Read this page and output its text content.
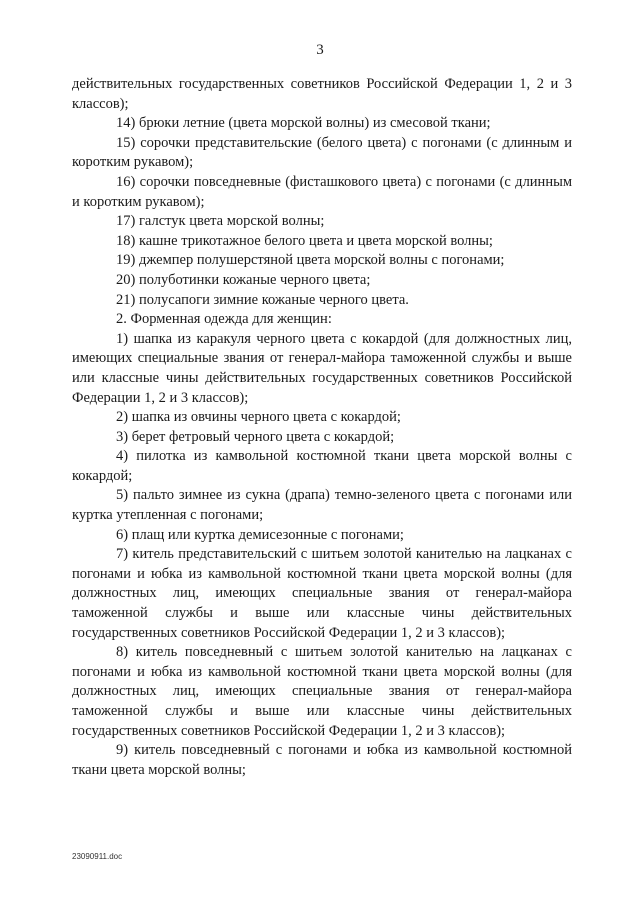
3

действительных государственных советников Российской Федерации 1, 2 и 3 классов);

14) брюки летние (цвета морской волны) из смесовой ткани;

15) сорочки представительские (белого цвета) с погонами (с длинным и коротким рукавом);

16) сорочки повседневные (фисташкового цвета) с погонами (с длинным и коротким рукавом);

17) галстук цвета морской волны;

18) кашне трикотажное белого цвета и цвета морской волны;

19) джемпер полушерстяной цвета морской волны с погонами;

20) полуботинки кожаные черного цвета;

21) полусапоги зимние кожаные черного цвета.

2. Форменная одежда для женщин:

1) шапка из каракуля черного цвета с кокардой (для должностных лиц, имеющих специальные звания от генерал-майора таможенной службы и выше или классные чины действительных государственных советников Российской Федерации 1, 2 и 3 классов);

2) шапка из овчины черного цвета с кокардой;

3) берет фетровый черного цвета с кокардой;

4) пилотка из камвольной костюмной ткани цвета морской волны с кокардой;

5) пальто зимнее из сукна (драпа) темно-зеленого цвета с погонами или куртка утепленная с погонами;

6) плащ или куртка демисезонные с погонами;

7) китель представительский с шитьем золотой канителью на лацканах с погонами и юбка из камвольной костюмной ткани цвета морской волны (для должностных лиц, имеющих специальные звания от генерал-майора таможенной службы и выше или классные чины действительных государственных советников Российской Федерации 1, 2 и 3 классов);

8) китель повседневный с шитьем золотой канителью на лацканах с погонами и юбка из камвольной костюмной ткани цвета морской волны (для должностных лиц, имеющих специальные звания от генерал-майора таможенной службы и выше или классные чины действительных государственных советников Российской Федерации 1, 2 и 3 классов);

9) китель повседневный с погонами и юбка из камвольной костюмной ткани цвета морской волны;

23090911.doc
